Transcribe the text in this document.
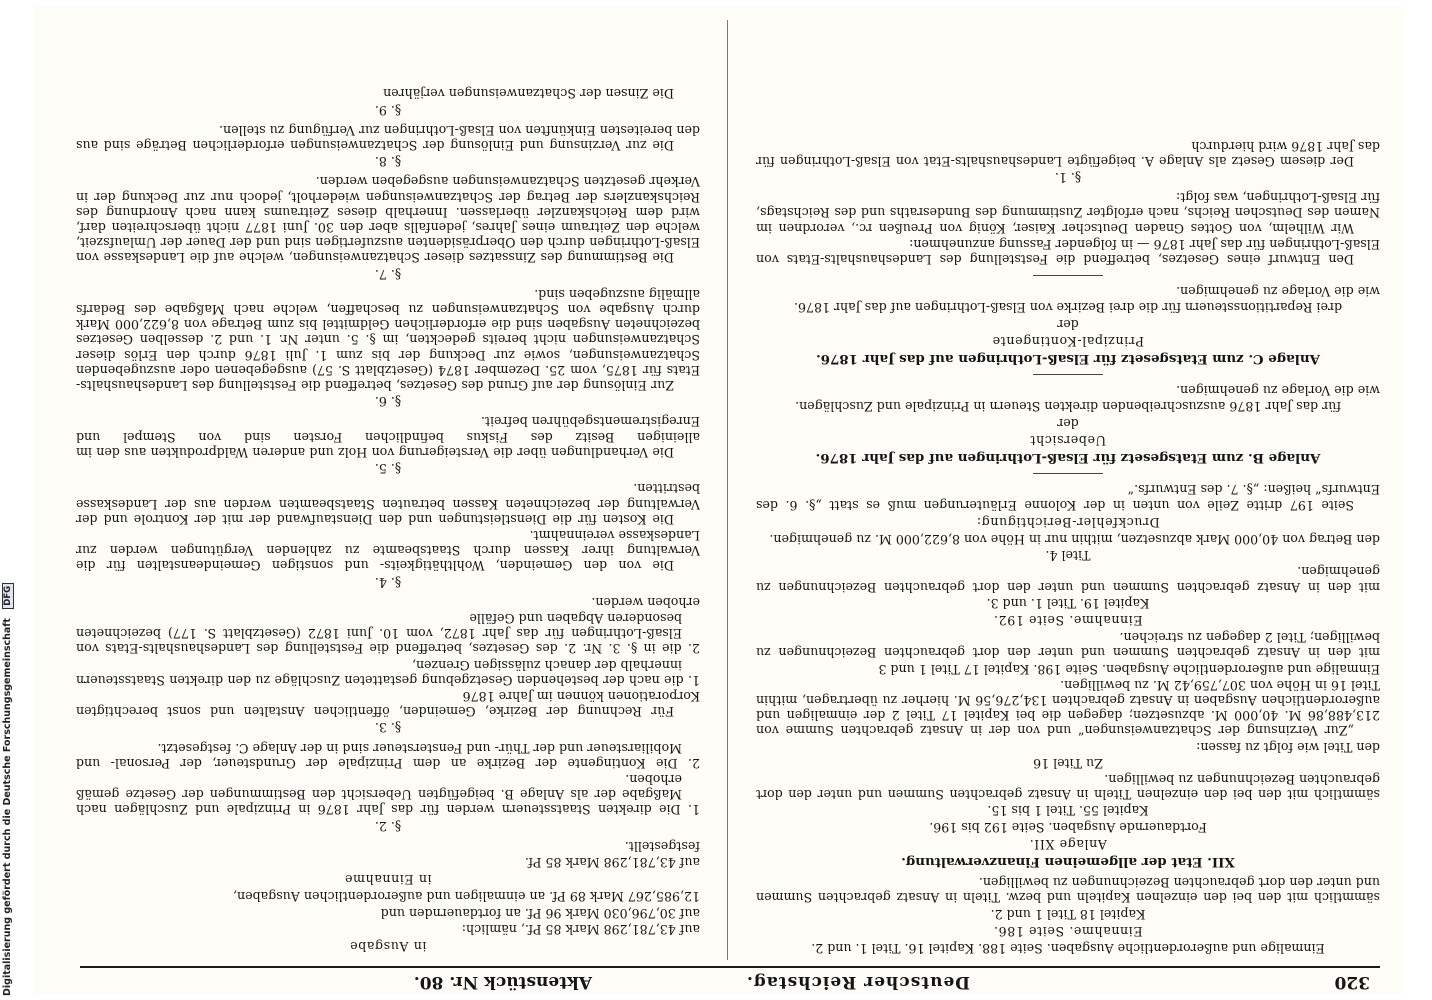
320
Deutscher Reichstag.
Aktenstück Nr. 80.

Einmalige und außerordentliche Ausgaben. Seite 188. Kapitel 16. Titel 1. und 2.

Einnahme. Seite 186.

Kapitel 18 Titel 1 und 2.

sämmtlich mit den bei den einzelnen Kapiteln und bezw. Titeln in Ansatz gebrachten Summen und unter den dort gebrauchten Bezeichnungen zu bewilligen.

XII. Etat der allgemeinen Finanzverwaltung.

Anlage XII.

Fortdauernde Ausgaben. Seite 192 bis 196.

Kapitel 55. Titel 1 bis 15.

sämmtlich mit den bei den einzelnen Titeln in Ansatz gebrachten Summen und unter den dort gebrauchten Bezeichnungen zu bewilligen.

Zu Titel 16

den Titel wie folgt zu fassen:

„Zur Verzinsung der Schatzanweisungen“ und von der in Ansatz gebrachten Summe von 213,488,86 M. 40,000 M. abzusetzen; dagegen die bei Kapitel 17 Titel 2 der einmaligen und außerordentlichen Ausgaben in Ansatz gebrachten 134,276,56 M. hierher zu übertragen, mithin Titel 16 in Höhe von 307,759,42 M. zu bewilligen.

Einmalige und außerordentliche Ausgaben. Seite 198. Kapitel 17 Titel 1 und 3

mit den in Ansatz gebrachten Summen und unter den dort gebrauchten Bezeichnungen zu bewilligen; Titel 2 dagegen zu streichen.

Einnahme. Seite 192.

Kapitel 19. Titel 1. und 3.

mit den in Ansatz gebrachten Summen und unter den dort gebrauchten Bezeichnungen zu genehmigen.

Titel 4.

den Betrag von 40,000 Mark abzusetzen, mithin nur in Höhe von 8,622,000 M. zu genehmigen.

Druckfehler-Berichtigung:

Seite 197 dritte Zeile von unten in der Kolonne Erläuterungen muß es statt „§. 6. des Entwurfs“ heißen: „§. 7. des Entwurfs.“

Anlage B. zum Etatsgesetz für Elsaß-Lothringen auf das Jahr 1876.

Uebersicht

der

für das Jahr 1876 auszuschreibenden direkten Steuern in Prinzipale und Zuschlägen.

wie die Vorlage zu genehmigen.

Anlage C. zum Etatsgesetz für Elsaß-Lothringen auf das Jahr 1876.

Prinzipal-Kontingente

der

drei Repartitionssteuern für die drei Bezirke von Elsaß-Lothringen auf das Jahr 1876.

wie die Vorlage zu genehmigen.

Den Entwurf eines Gesetzes, betreffend die Feststellung des Landeshaushalts-Etats von Elsaß-Lothringen für das Jahr 1876 — in folgender Fassung anzunehmen:

Wir Wilhelm, von Gottes Gnaden Deutscher Kaiser, König von Preußen rc., verordnen im Namen des Deutschen Reichs, nach erfolgter Zustimmung des Bundesraths und des Reichstags, für Elsaß-Lothringen, was folgt:

§. 1.

Der diesem Gesetz als Anlage A. beigefügte Landeshaushalts-Etat von Elsaß-Lothringen für das Jahr 1876 wird hierdurch

in Ausgabe

auf 43,781,298 Mark 85 Pf., nämlich:

auf 30,796,030 Mark 96 Pf. an fortdauernden und

12,985,267 Mark 89 Pf. an einmaligen und außerordentlichen Ausgaben,

in Einnahme

auf 43,781,298 Mark 85 Pf.

festgestellt.

§. 2.

1. Die direkten Staatssteuern werden für das Jahr 1876 in Prinzipale und Zuschlägen nach Maßgabe der als Anlage B. beigefügten Uebersicht den Bestimmungen der Gesetze gemäß erhoben.

2. Die Kontingente der Bezirke an dem Prinzipale der Grundsteuer, der Personal- und Mobiliarsteuer und der Thür- und Fenstersteuer sind in der Anlage C. festgesetzt.

§. 3.

Für Rechnung der Bezirke, Gemeinden, öffentlichen Anstalten und sonst berechtigten Korporationen können im Jahre 1876

1. die nach der bestehenden Gesetzgebung gestatteten Zuschläge zu den direkten Staatssteuern innerhalb der danach zulässigen Grenzen,

2. die in §. 3. Nr. 2. des Gesetzes, betreffend die Feststellung des Landeshaushalts-Etats von Elsaß-Lothringen für das Jahr 1872, vom 10. Juni 1872 (Gesetzblatt S. 177) bezeichneten besonderen Abgaben und Gefälle

erhoben werden.

§. 4.

Die von den Gemeinden, Wohlthätigkeits- und sonstigen Gemeindeanstalten für die Verwaltung ihrer Kassen durch Staatsbeamte zu zahlenden Vergütungen werden zur Landeskasse vereinnahmt.

Die Kosten für die Dienstleistungen und den Dienstaufwand der mit der Kontrole und der Verwaltung der bezeichneten Kassen betrauten Staatsbeamten werden aus der Landeskasse bestritten.

§. 5.

Die Verhandlungen über die Versteigerung von Holz und anderen Waldprodukten aus den im alleinigen Besitz des Fiskus befindlichen Forsten sind von Stempel und Enregistrementsgebühren befreit.

§. 6.

Zur Einlösung der auf Grund des Gesetzes, betreffend die Feststellung des Landeshaushalts-Etats für 1875, vom 25. Dezember 1874 (Gesetzblatt S. 57) ausgegebenen oder auszugebenden Schatzanweisungen, sowie zur Deckung der bis zum 1. Juli 1876 durch den Erlös dieser Schatzanweisungen nicht bereits gedeckten, im §. 5. unter Nr. 1. und 2. desselben Gesetzes bezeichneten Ausgaben sind die erforderlichen Geldmittel bis zum Betrage von 8,622,000 Mark durch Ausgabe von Schatzanweisungen zu beschaffen, welche nach Maßgabe des Bedarfs allmälig auszugeben sind.

§. 7.

Die Bestimmung des Zinssatzes dieser Schatzanweisungen, welche auf die Landeskasse von Elsaß-Lothringen durch den Oberpräsidenten auszufertigen sind und der Dauer der Umlaufszeit, welche den Zeitraum eines Jahres, jedenfalls aber den 30. Juni 1877 nicht überschreiten darf, wird dem Reichskanzler überlassen. Innerhalb dieses Zeitraums kann nach Anordnung des Reichskanzlers der Betrag der Schatzanweisungen wiederholt, jedoch nur zur Deckung der in Verkehr gesetzten Schatzanweisungen ausgegeben werden.

§. 8.

Die zur Verzinsung und Einlösung der Schatzanweisungen erforderlichen Beträge sind aus den bereitesten Einkünften von Elsaß-Lothringen zur Verfügung zu stellen.

§. 9.

Die Zinsen der Schatzanweisungen verjähren

Digitalisierung gefördert durch die Deutsche Forschungsgemeinschaft DFG
